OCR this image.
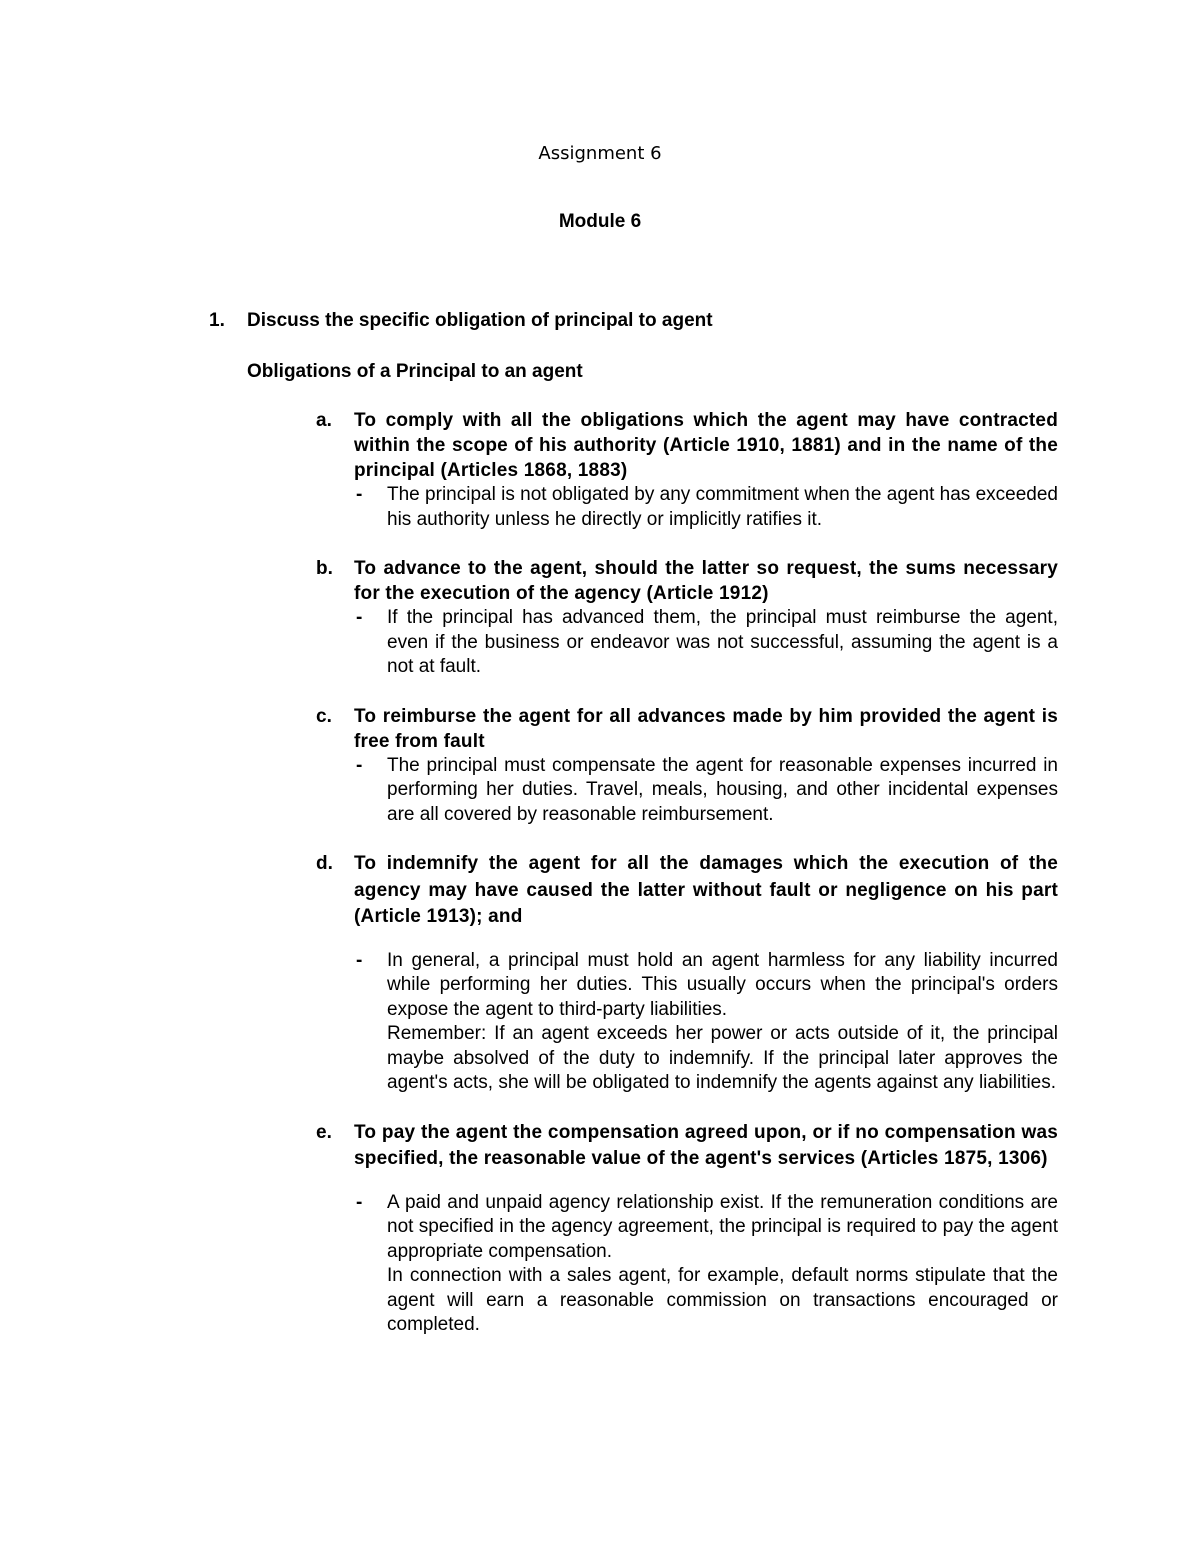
Assignment 6
Module 6
1. Discuss the specific obligation of principal to agent
Obligations of a Principal to an agent
a. To comply with all the obligations which the agent may have contracted within the scope of his authority (Article 1910, 1881) and in the name of the principal (Articles 1868, 1883)
- The principal is not obligated by any commitment when the agent has exceeded his authority unless he directly or implicitly ratifies it.
b. To advance to the agent, should the latter so request, the sums necessary for the execution of the agency (Article 1912)
- If the principal has advanced them, the principal must reimburse the agent, even if the business or endeavor was not successful, assuming the agent is a not at fault.
c. To reimburse the agent for all advances made by him provided the agent is free from fault
- The principal must compensate the agent for reasonable expenses incurred in performing her duties. Travel, meals, housing, and other incidental expenses are all covered by reasonable reimbursement.
d. To indemnify the agent for all the damages which the execution of the agency may have caused the latter without fault or negligence on his part (Article 1913); and
- In general, a principal must hold an agent harmless for any liability incurred while performing her duties. This usually occurs when the principal's orders expose the agent to third-party liabilities.
Remember: If an agent exceeds her power or acts outside of it, the principal maybe absolved of the duty to indemnify. If the principal later approves the agent's acts, she will be obligated to indemnify the agents against any liabilities.
e. To pay the agent the compensation agreed upon, or if no compensation was specified, the reasonable value of the agent's services (Articles 1875, 1306)
- A paid and unpaid agency relationship exist. If the remuneration conditions are not specified in the agency agreement, the principal is required to pay the agent appropriate compensation.
In connection with a sales agent, for example, default norms stipulate that the agent will earn a reasonable commission on transactions encouraged or completed.
